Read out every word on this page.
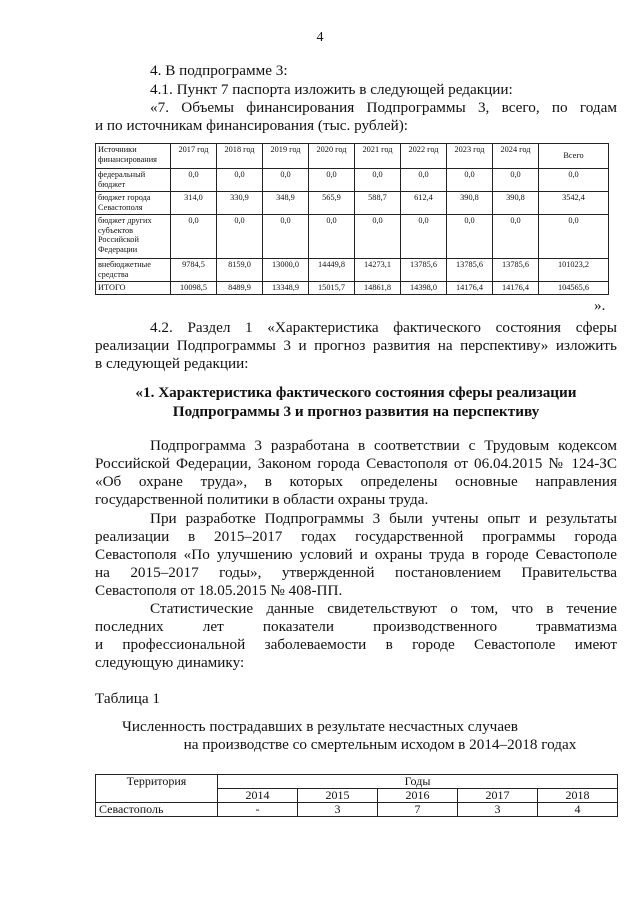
4
4. В подпрограмме 3:
4.1. Пункт 7 паспорта изложить в следующей редакции:
«7. Объемы финансирования Подпрограммы 3, всего, по годам
и по источникам финансирования (тыс. рублей):
Источники финансирования	2017 год	2018 год	2019 год	2020 год	2021 год	2022 год	2023 год	2024 год	Всего
федеральный бюджет	0,0	0,0	0,0	0,0	0,0	0,0	0,0	0,0	0,0
бюджет города Севастополя	314,0	330,9	348,9	565,9	588,7	612,4	390,8	390,8	3542,4
бюджет других субъектов Российской Федерации	0,0	0,0	0,0	0,0	0,0	0,0	0,0	0,0	0,0
внебюджетные средства	9784,5	8159,0	13000,0	14449,8	14273,1	13785,6	13785,6	13785,6	101023,2
ИТОГО	10098,5	8489,9	13348,9	15015,7	14861,8	14398,0	14176,4	14176,4	104565,6
».
4.2. Раздел 1 «Характеристика фактического состояния сферы
реализации Подпрограммы 3 и прогноз развития на перспективу» изложить
в следующей редакции:
«1. Характеристика фактического состояния сферы реализации
Подпрограммы 3 и прогноз развития на перспективу
Подпрограмма 3 разработана в соответствии с Трудовым кодексом
Российской Федерации, Законом города Севастополя от 06.04.2015 № 124-ЗС
«Об охране труда», в которых определены основные направления
государственной политики в области охраны труда.
При разработке Подпрограммы 3 были учтены опыт и результаты
реализации в 2015–2017 годах государственной программы города
Севастополя «По улучшению условий и охраны труда в городе Севастополе
на 2015–2017 годы», утвержденной постановлением Правительства
Севастополя от 18.05.2015 № 408-ПП.
Статистические данные свидетельствуют о том, что в течение
последних лет показатели производственного травматизма
и профессиональной заболеваемости в городе Севастополе имеют
следующую динамику:
Таблица 1
Численность пострадавших в результате несчастных случаев
на производстве со смертельным исходом в 2014–2018 годах
Территория	Годы				
	2014	2015	2016	2017	2018
Севастополь	-	3	7	3	4
